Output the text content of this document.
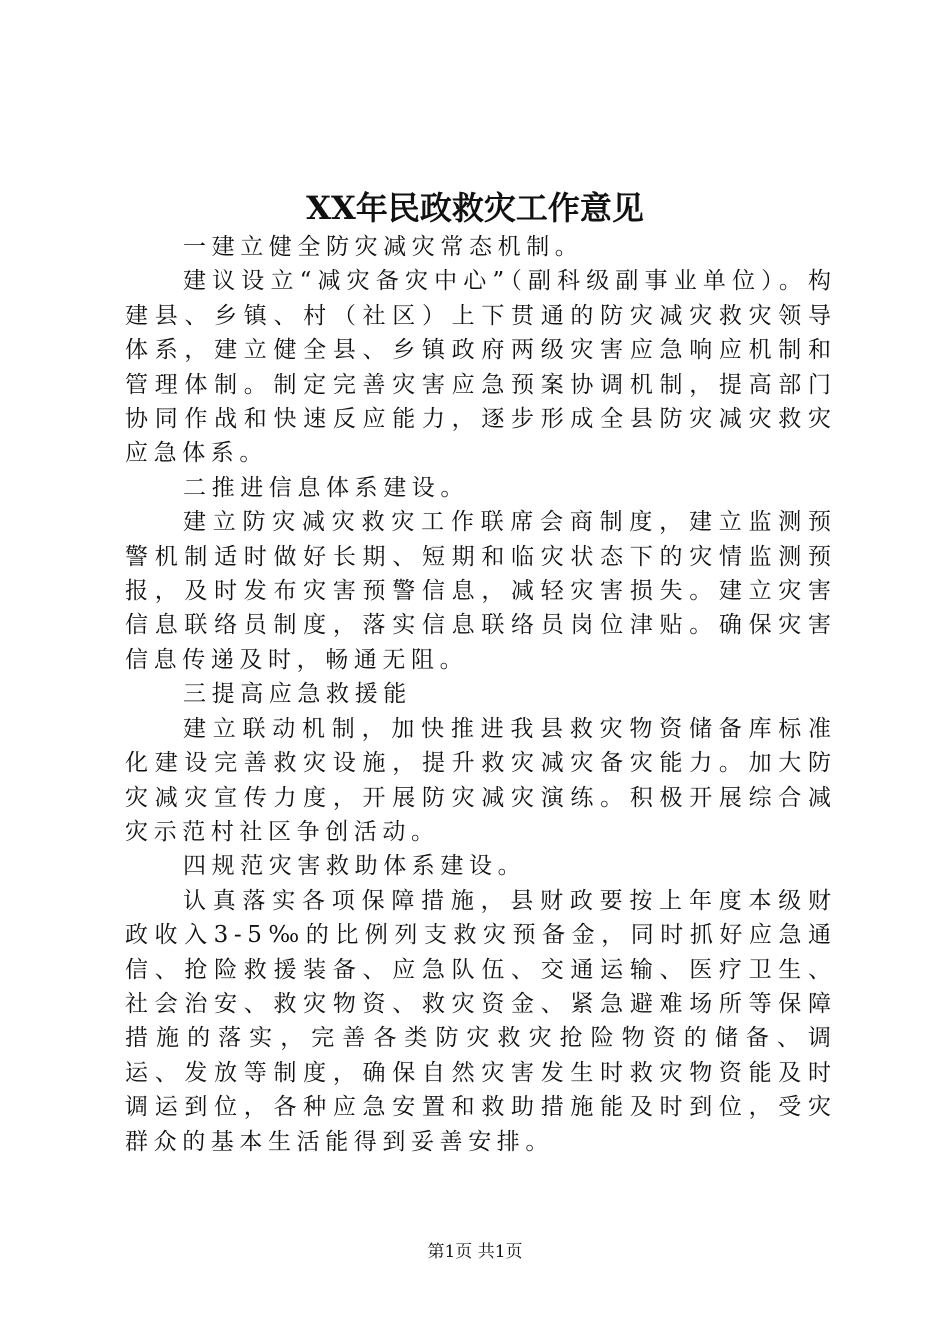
XX年民政救灾工作意见

一建立健全防灾减灾常态机制。

建议设立“减灾备灾中心”（副科级副事业单位）。构建县、乡镇、村（社区）上下贯通的防灾减灾救灾领导体系，建立健全县、乡镇政府两级灾害应急响应机制和管理体制。制定完善灾害应急预案协调机制，提高部门协同作战和快速反应能力，逐步形成全县防灾减灾救灾应急体系。

二推进信息体系建设。

建立防灾减灾救灾工作联席会商制度，建立监测预警机制适时做好长期、短期和临灾状态下的灾情监测预报，及时发布灾害预警信息，减轻灾害损失。建立灾害信息联络员制度，落实信息联络员岗位津贴。确保灾害信息传递及时，畅通无阻。

三提高应急救援能

建立联动机制，加快推进我县救灾物资储备库标准化建设完善救灾设施，提升救灾减灾备灾能力。加大防灾减灾宣传力度，开展防灾减灾演练。积极开展综合减灾示范村社区争创活动。

四规范灾害救助体系建设。

认真落实各项保障措施，县财政要按上年度本级财政收入3-5‰的比例列支救灾预备金，同时抓好应急通信、抢险救援装备、应急队伍、交通运输、医疗卫生、社会治安、救灾物资、救灾资金、紧急避难场所等保障措施的落实，完善各类防灾救灾抢险物资的储备、调运、发放等制度，确保自然灾害发生时救灾物资能及时调运到位，各种应急安置和救助措施能及时到位，受灾群众的基本生活能得到妥善安排。

第1页 共1页
